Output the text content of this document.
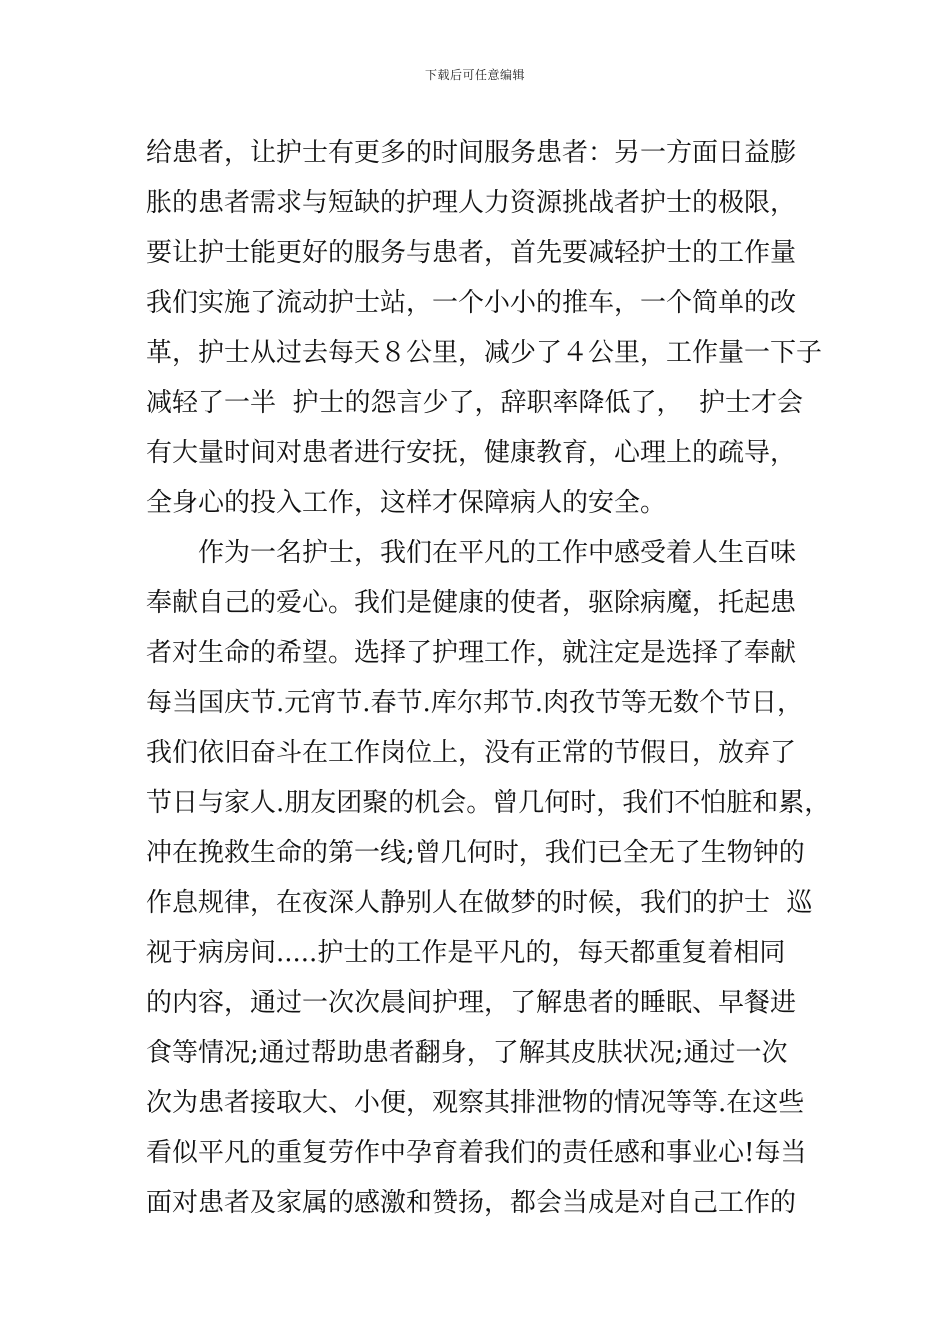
下载后可任意编辑
给患者，让护士有更多的时间服务患者：另一方面日益膨
胀的患者需求与短缺的护理人力资源挑战者护士的极限，
要让护士能更好的服务与患者，首先要减轻护士的工作量
我们实施了流动护士站，一个小小的推车，一个简单的改
革，护士从过去每天８公里，减少了４公里，工作量一下子
减轻了一半  护士的怨言少了，辞职率降低了，  护士才会
有大量时间对患者进行安抚，健康教育，心理上的疏导，
全身心的投入工作，这样才保障病人的安全。
作为一名护士，我们在平凡的工作中感受着人生百味
奉献自己的爱心。我们是健康的使者，驱除病魔，托起患
者对生命的希望。选择了护理工作，就注定是选择了奉献
每当国庆节.元宵节.春节.库尔邦节.肉孜节等无数个节日，
我们依旧奋斗在工作岗位上，没有正常的节假日，放弃了
节日与家人.朋友团聚的机会。曾几何时，我们不怕脏和累，
冲在挽救生命的第一线;曾几何时，我们已全无了生物钟的
作息规律，在夜深人静别人在做梦的时候，我们的护士  巡
视于病房间.....护士的工作是平凡的，每天都重复着相同
的内容，通过一次次晨间护理，了解患者的睡眠、早餐进
食等情况;通过帮助患者翻身，了解其皮肤状况;通过一次
次为患者接取大、小便，观察其排泄物的情况等等.在这些
看似平凡的重复劳作中孕育着我们的责任感和事业心!每当
面对患者及家属的感激和赞扬，都会当成是对自己工作的
